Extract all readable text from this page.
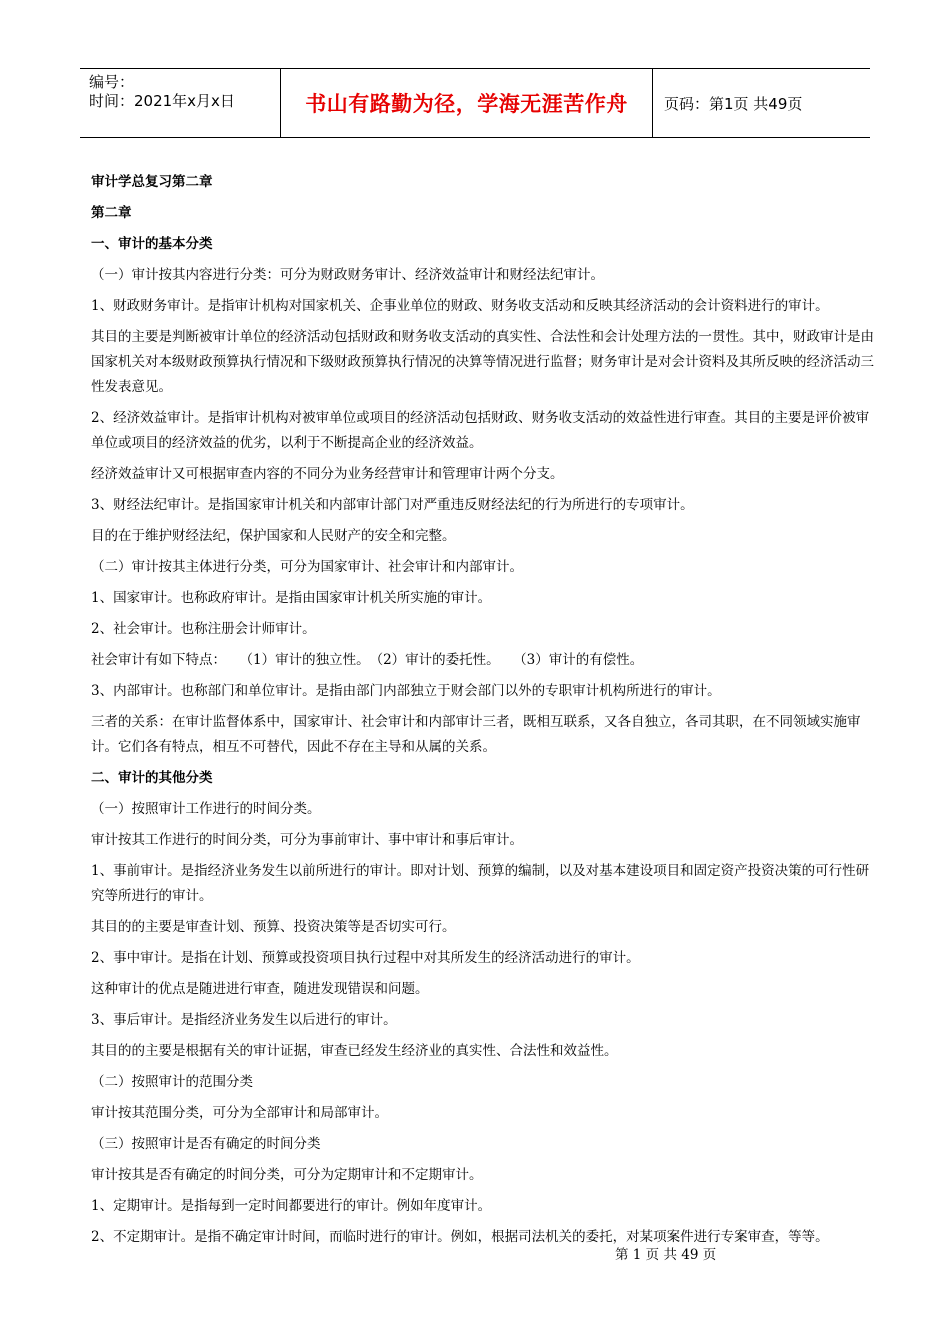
编号：
时间：2021年x月x日	书山有路勤为径，学海无涯苦作舟 页码：第1页 共49页

审计学总复习第二章

第二章

一、审计的基本分类

（一）审计按其内容进行分类：可分为财政财务审计、经济效益审计和财经法纪审计。

1、财政财务审计。是指审计机构对国家机关、企事业单位的财政、财务收支活动和反映其经济活动的会计资料进行的审计。

其目的主要是判断被审计单位的经济活动包括财政和财务收支活动的真实性、合法性和会计处理方法的一贯性。其中，财政审计是由国家机关对本级财政预算执行情况和下级财政预算执行情况的决算等情况进行监督；财务审计是对会计资料及其所反映的经济活动三性发表意见。

2、经济效益审计。是指审计机构对被审单位或项目的经济活动包括财政、财务收支活动的效益性进行审查。其目的主要是评价被审单位或项目的经济效益的优劣，以利于不断提高企业的经济效益。

经济效益审计又可根据审查内容的不同分为业务经营审计和管理审计两个分支。

3、财经法纪审计。是指国家审计机关和内部审计部门对严重违反财经法纪的行为所进行的专项审计。

目的在于维护财经法纪，保护国家和人民财产的安全和完整。

（二）审计按其主体进行分类，可分为国家审计、社会审计和内部审计。

1、国家审计。也称政府审计。是指由国家审计机关所实施的审计。

2、社会审计。也称注册会计师审计。

社会审计有如下特点：　　（1）审计的独立性。　（2）审计的委托性。　　（3）审计的有偿性。

3、内部审计。也称部门和单位审计。是指由部门内部独立于财会部门以外的专职审计机构所进行的审计。

三者的关系：在审计监督体系中，国家审计、社会审计和内部审计三者，既相互联系，又各自独立，各司其职，在不同领域实施审计。它们各有特点，相互不可替代，因此不存在主导和从属的关系。

二、审计的其他分类

（一）按照审计工作进行的时间分类。

审计按其工作进行的时间分类，可分为事前审计、事中审计和事后审计。

1、事前审计。是指经济业务发生以前所进行的审计。即对计划、预算的编制，以及对基本建设项目和固定资产投资决策的可行性研究等所进行的审计。

其目的的主要是审查计划、预算、投资决策等是否切实可行。

2、事中审计。是指在计划、预算或投资项目执行过程中对其所发生的经济活动进行的审计。

这种审计的优点是随进进行审查，随进发现错误和问题。

3、事后审计。是指经济业务发生以后进行的审计。

其目的的主要是根据有关的审计证据，审查已经发生经济业的真实性、合法性和效益性。

（二）按照审计的范围分类

审计按其范围分类，可分为全部审计和局部审计。

（三）按照审计是否有确定的时间分类

审计按其是否有确定的时间分类，可分为定期审计和不定期审计。

1、定期审计。是指每到一定时间都要进行的审计。例如年度审计。

2、不定期审计。是指不确定审计时间，而临时进行的审计。例如，根据司法机关的委托，对某项案件进行专案审查，等等。

第 1 页 共 49 页
